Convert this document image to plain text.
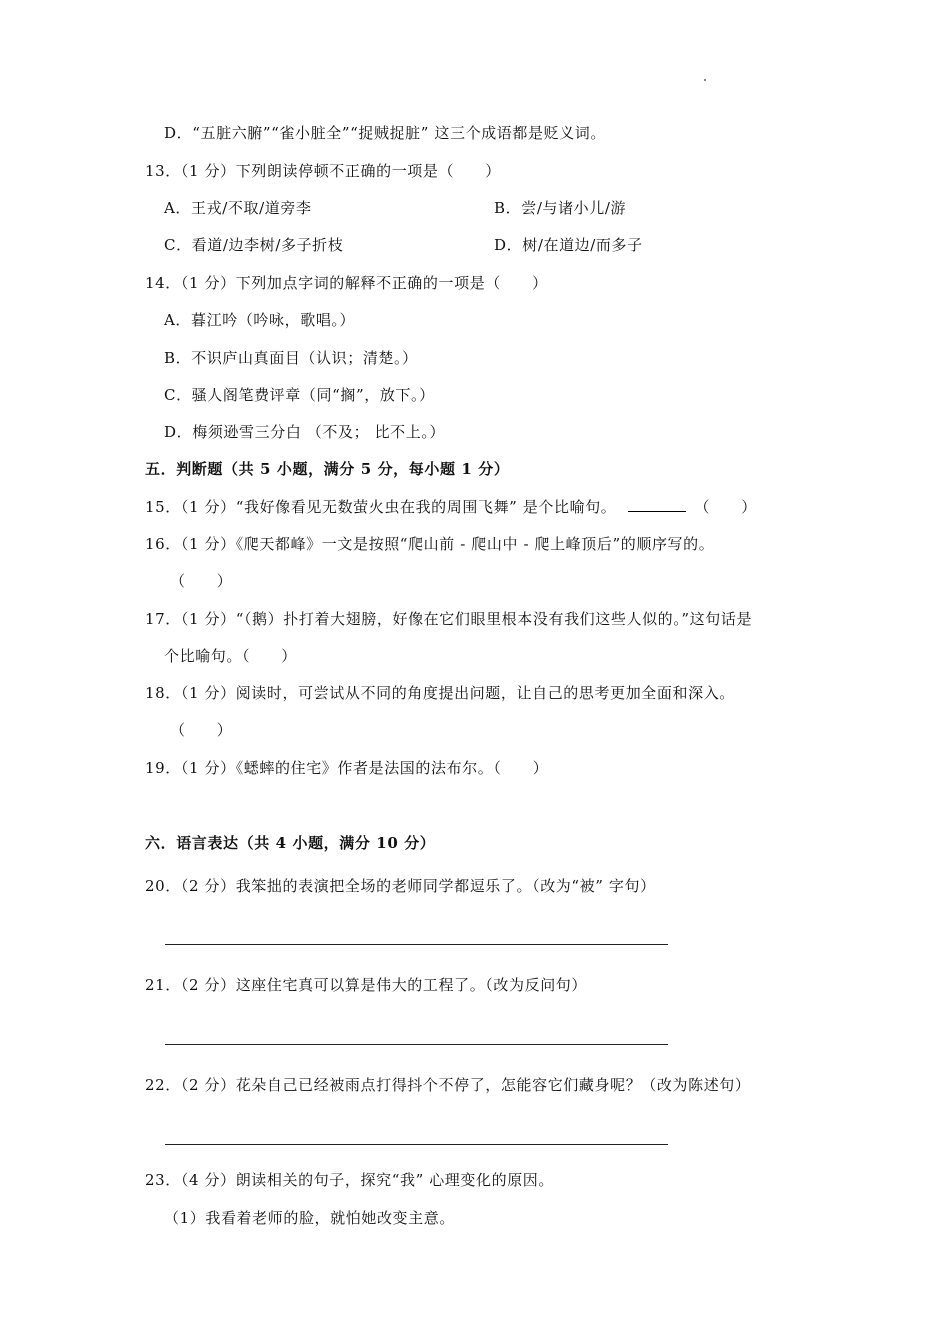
D．“五脏六腑”“雀小脏全”“捉贼捉脏” 这三个成语都是贬义词。
13．（1 分）下列朗读停顿不正确的一项是（　　）
A．王戎/不取/道旁李	B．尝/与诸小儿/游
C．看道/边李树/多子折枝	D．树/在道边/而多子
14．（1 分）下列加点字词的解释不正确的一项是（　　）
A．暮江吟（吟咏，歌唱。）
B．不识庐山真面目（认识；清楚。）
C．骚人阁笔费评章（同“搁”，放下。）
D．梅须逊雪三分白 （不及； 比不上。）
五．判断题（共 5 小题，满分 5 分，每小题 1 分）
15．（1 分）“我好像看见无数萤火虫在我的周围飞舞” 是个比喻句。	（　　）
16．（1 分）《爬天都峰》一文是按照“爬山前 - 爬山中 - 爬上峰顶后”的顺序写的。
（　　）
17．（1 分）“（鹅）扑打着大翅膀，好像在它们眼里根本没有我们这些人似的。”这句话是
个比喻句。（　　）
18．（1 分）阅读时，可尝试从不同的角度提出问题，让自己的思考更加全面和深入。
（　　）
19．（1 分）《蟋蟀的住宅》作者是法国的法布尔。（　　）
六．语言表达（共 4 小题，满分 10 分）
20．（2 分）我笨拙的表演把全场的老师同学都逗乐了。（改为“被” 字句）
21．（2 分）这座住宅真可以算是伟大的工程了。（改为反问句）
22．（2 分）花朵自己已经被雨点打得抖个不停了，怎能容它们藏身呢？（改为陈述句）
23．（4 分）朗读相关的句子，探究“我” 心理变化的原因。
（1）我看着老师的脸，就怕她改变主意。
